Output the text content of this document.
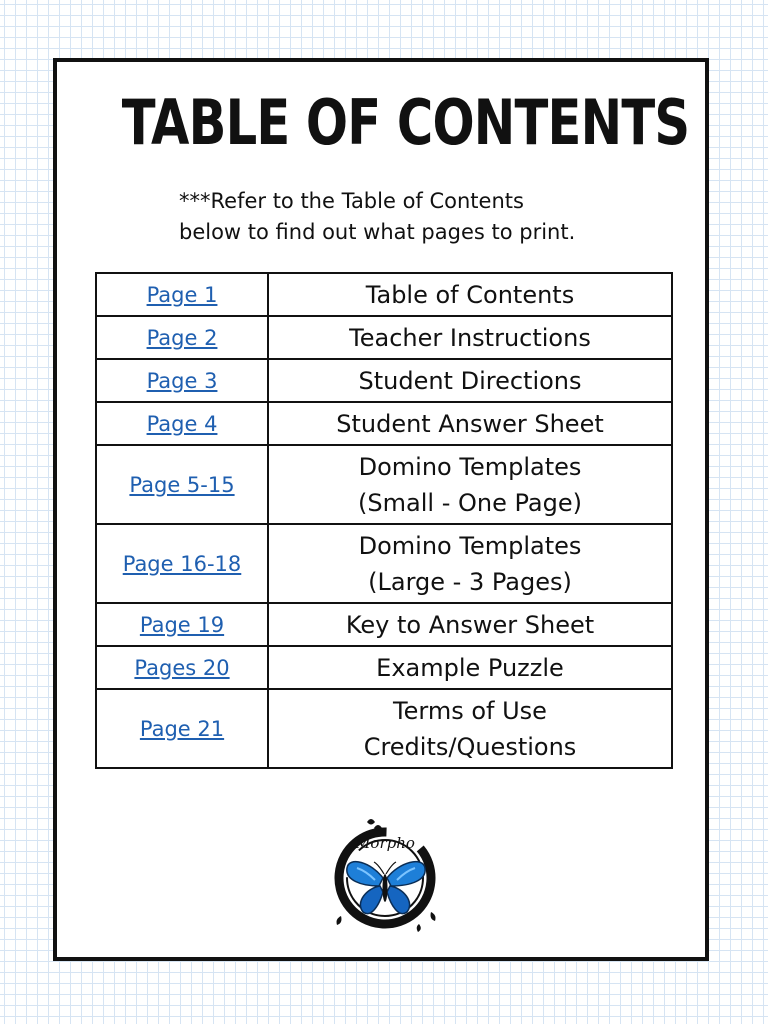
TABLE OF CONTENTS
***Refer to the Table of Contents
below to find out what pages to print.
Page 1	Table of Contents

Page 2	Teacher Instructions

Page 3	Student Directions

Page 4	Student Answer Sheet

Page 5-15	Domino Templates
(Small - One Page)

Page 16-18	Domino Templates
(Large - 3 Pages)

Page 19	Key to Answer Sheet

Pages 20	Example Puzzle

Page 21	Terms of Use
Credits/Questions
Morpho
